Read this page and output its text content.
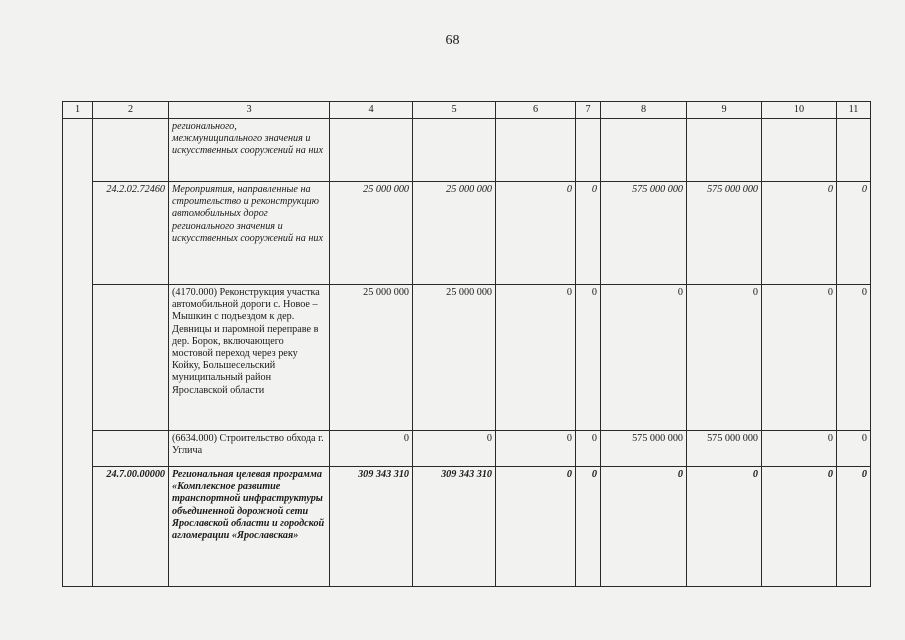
68
1	2	3	4	5	6	7	8	9	10	11
		регионального, межмуниципального значения и искусственных сооружений на них								
	24.2.02.72460	Мероприятия, направленные на строительство и реконструкцию автомобильных дорог регионального значения и искусственных сооружений на них	25 000 000	25 000 000	0	0	575 000 000	575 000 000	0	0
		(4170.000) Реконструкция участка автомобильной дороги с. Новое – Мышкин с подъездом к дер. Девницы и паромной переправе в дер. Борок, включающего мостовой переход через реку Койку, Большесельский муниципальный район Ярославской области	25 000 000	25 000 000	0	0	0	0	0	0
		(6634.000) Строительство обхода г. Углича	0	0	0	0	575 000 000	575 000 000	0	0
	24.7.00.00000	Региональная целевая программа «Комплексное развитие транспортной инфраструктуры объединенной дорожной сети Ярославской области и городской агломерации «Ярославская»	309 343 310	309 343 310	0	0	0	0	0	0
